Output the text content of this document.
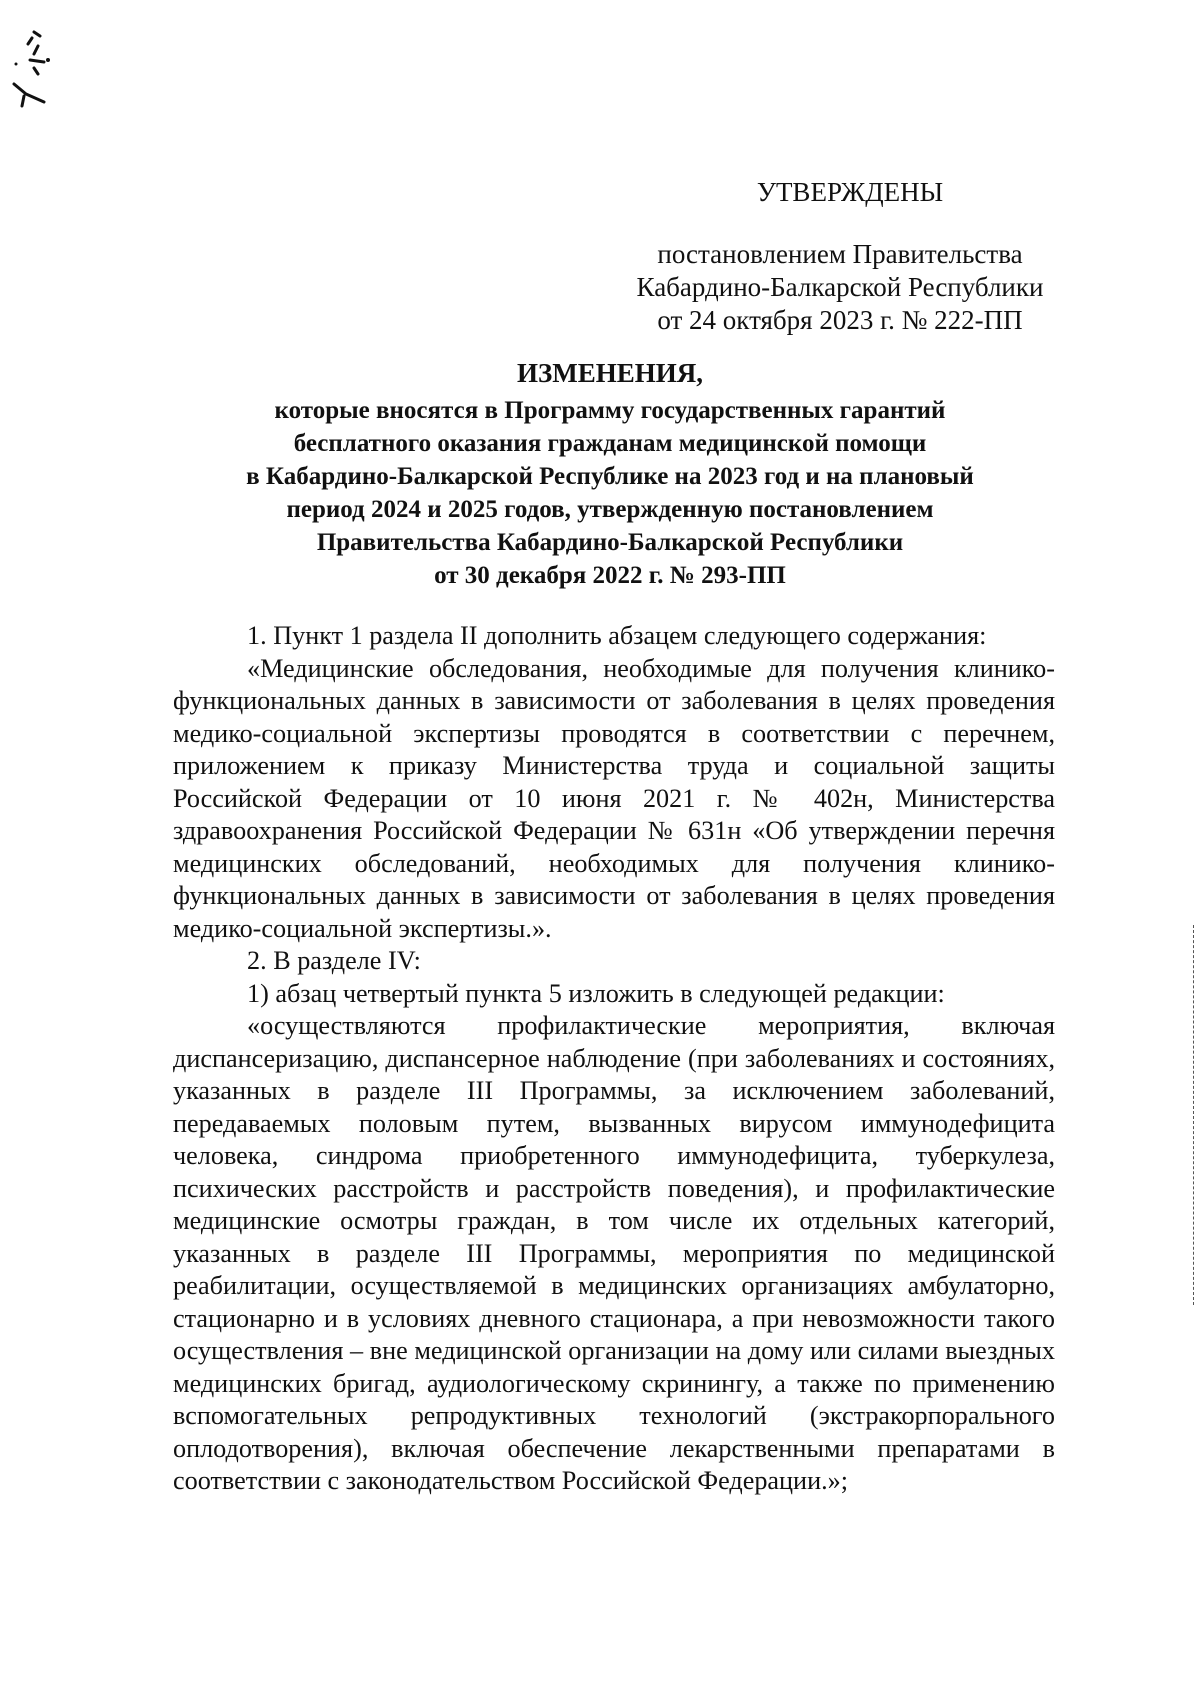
УТВЕРЖДЕНЫ
постановлением Правительства
Кабардино-Балкарской Республики
от 24 октября 2023 г. № 222-ПП
ИЗМЕНЕНИЯ,
которые вносятся в Программу государственных гарантий
бесплатного оказания гражданам медицинской помощи
в Кабардино-Балкарской Республике на 2023 год и на плановый
период 2024 и 2025 годов, утвержденную постановлением
Правительства Кабардино-Балкарской Республики
от 30 декабря 2022 г. № 293-ПП

1. Пункт 1 раздела II дополнить абзацем следующего содержания:

«Медицинские обследования, необходимые для получения клинико-функциональных данных в зависимости от заболевания в целях проведения медико-социальной экспертизы проводятся в соответствии с перечнем, приложением к приказу Министерства труда и социальной защиты Российской Федерации от 10 июня 2021 г. № 402н, Министерства здравоохранения Российской Федерации № 631н «Об утверждении перечня медицинских обследований, необходимых для получения клинико-функциональных данных в зависимости от заболевания в целях проведения медико-социальной экспертизы.».

2. В разделе IV:

1) абзац четвертый пункта 5 изложить в следующей редакции:

«осуществляются профилактические мероприятия, включая диспансеризацию, диспансерное наблюдение (при заболеваниях и состояниях, указанных в разделе III Программы, за исключением заболеваний, передаваемых половым путем, вызванных вирусом иммунодефицита человека, синдрома приобретенного иммунодефицита, туберкулеза, психических расстройств и расстройств поведения), и профилактические медицинские осмотры граждан, в том числе их отдельных категорий, указанных в разделе III Программы, мероприятия по медицинской реабилитации, осуществляемой в медицинских организациях амбулаторно, стационарно и в условиях дневного стационара, а при невозможности такого осуществления – вне медицинской организации на дому или силами выездных медицинских бригад, аудиологическому скринингу, а также по применению вспомогательных репродуктивных технологий (экстракорпорального оплодотворения), включая обеспечение лекарственными препаратами в соответствии с законодательством Российской Федерации.»;
